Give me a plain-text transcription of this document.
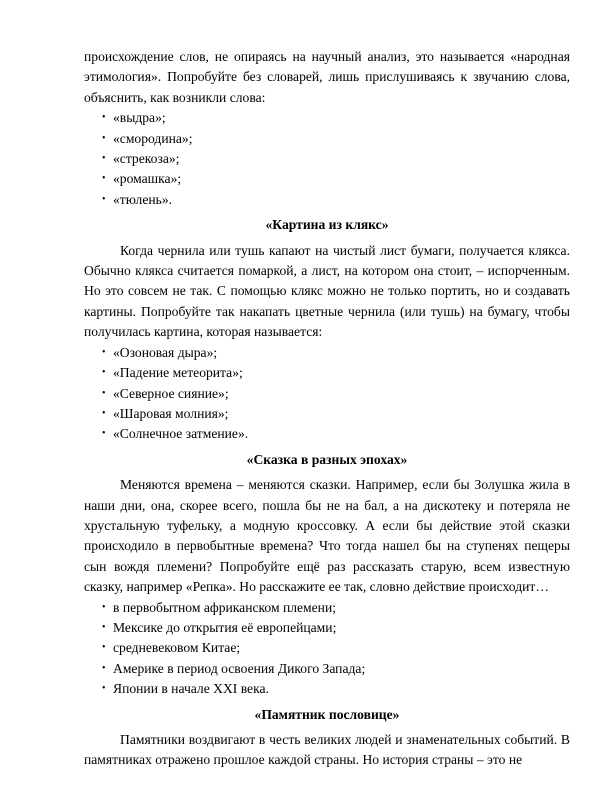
происхождение слов, не опираясь на научный анализ, это называется «народная этимология». Попробуйте без словарей, лишь прислушиваясь к звучанию слова, объяснить, как возникли слова:

• «выдра»;
• «смородина»;
• «стрекоза»;
• «ромашка»;
• «тюлень».
«Картина из клякс»

Когда чернила или тушь капают на чистый лист бумаги, получается клякса. Обычно клякса считается помаркой, а лист, на котором она стоит, – испорченным. Но это совсем не так. С помощью клякс можно не только портить, но и создавать картины. Попробуйте так накапать цветные чернила (или тушь) на бумагу, чтобы получилась картина, которая называется:

• «Озоновая дыра»;
• «Падение метеорита»;
• «Северное сияние»;
• «Шаровая молния»;
• «Солнечное затмение».
«Сказка в разных эпохах»

Меняются времена – меняются сказки. Например, если бы Золушка жила в наши дни, она, скорее всего, пошла бы не на бал, а на дискотеку и потеряла не хрустальную туфельку, а модную кроссовку. А если бы действие этой сказки происходило в первобытные времена? Что тогда нашел бы на ступенях пещеры сын вождя племени? Попробуйте ещё раз рассказать старую, всем известную сказку, например «Репка». Но расскажите ее так, словно действие происходит…

• в первобытном африканском племени;
• Мексике до открытия её европейцами;
• средневековом Китае;
• Америке в период освоения Дикого Запада;
• Японии в начале XXI века.
«Памятник пословице»

Памятники воздвигают в честь великих людей и знаменательных событий. В памятниках отражено прошлое каждой страны. Но история страны – это не
